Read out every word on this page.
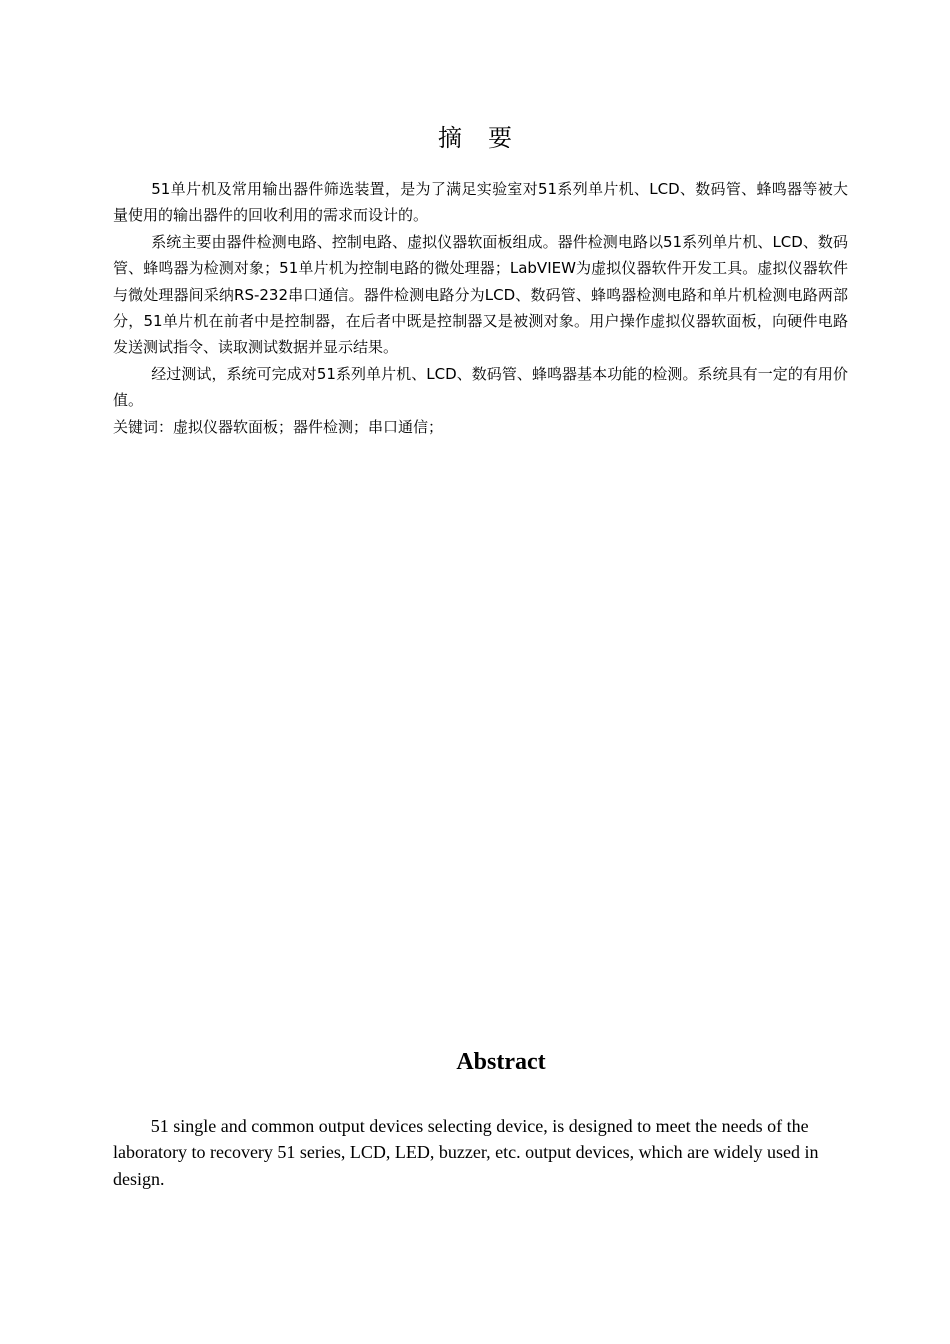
摘要

51单片机及常用输出器件筛选装置，是为了满足实验室对51系列单片机、LCD、数码管、蜂鸣器等被大量使用的输出器件的回收利用的需求而设计的。

系统主要由器件检测电路、控制电路、虚拟仪器软面板组成。器件检测电路以51系列单片机、LCD、数码管、蜂鸣器为检测对象；51单片机为控制电路的微处理器；LabVIEW为虚拟仪器软件开发工具。虚拟仪器软件与微处理器间采纳RS-232串口通信。器件检测电路分为LCD、数码管、蜂鸣器检测电路和单片机检测电路两部分，51单片机在前者中是控制器，在后者中既是控制器又是被测对象。用户操作虚拟仪器软面板，向硬件电路发送测试指令、读取测试数据并显示结果。

经过测试，系统可完成对51系列单片机、LCD、数码管、蜂鸣器基本功能的检测。系统具有一定的有用价值。

关键词：虚拟仪器软面板；器件检测；串口通信；
Abstract

51 single and common output devices selecting device, is designed to meet the needs of the laboratory to recovery 51 series, LCD, LED, buzzer, etc. output devices, which are widely used in design.
